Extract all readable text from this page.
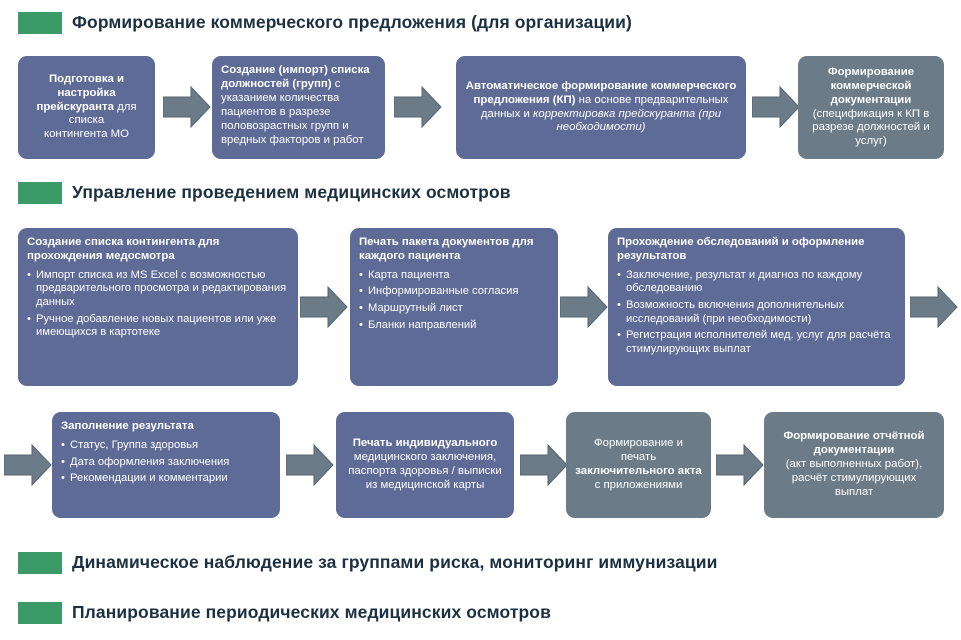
Формирование коммерческого предложения (для организации)
Подготовка и
настройка
прейскуранта для
списка
контингента МО
Создание (импорт) списка должностей (групп) с указанием количества пациентов в разрезе половозрастных групп и вредных факторов и работ
Автоматическое формирование коммерческого предложения (КП) на основе предварительных данных и корректировка прейскуранта (при необходимости)
Формирование коммерческой документации
(спецификация к КП в разрезе должностей и услуг)
Управление проведением медицинских осмотров
Создание списка контингента для прохождения медосмотра
• Импорт списка из MS Excel с возможностью предварительного просмотра и редактирования данных
• Ручное добавление новых пациентов или уже имеющихся в картотеке
Печать пакета документов для каждого пациента
• Карта пациента
• Информированные согласия
• Маршрутный лист
• Бланки направлений
Прохождение обследований и оформление результатов
• Заключение, результат и диагноз по каждому обследованию
• Возможность включения дополнительных исследований (при необходимости)
• Регистрация исполнителей мед. услуг для расчёта стимулирующих выплат
Заполнение результата
• Статус, Группа здоровья
• Дата оформления заключения
• Рекомендации и комментарии
Печать индивидуального
медицинского заключения, паспорта здоровья / выписки из медицинской карты
Формирование и печать заключительного акта с приложениями
Формирование отчётной документации
(акт выполненных работ), расчёт стимулирующих выплат
Динамическое наблюдение за группами риска, мониторинг иммунизации
Планирование периодических медицинских осмотров
